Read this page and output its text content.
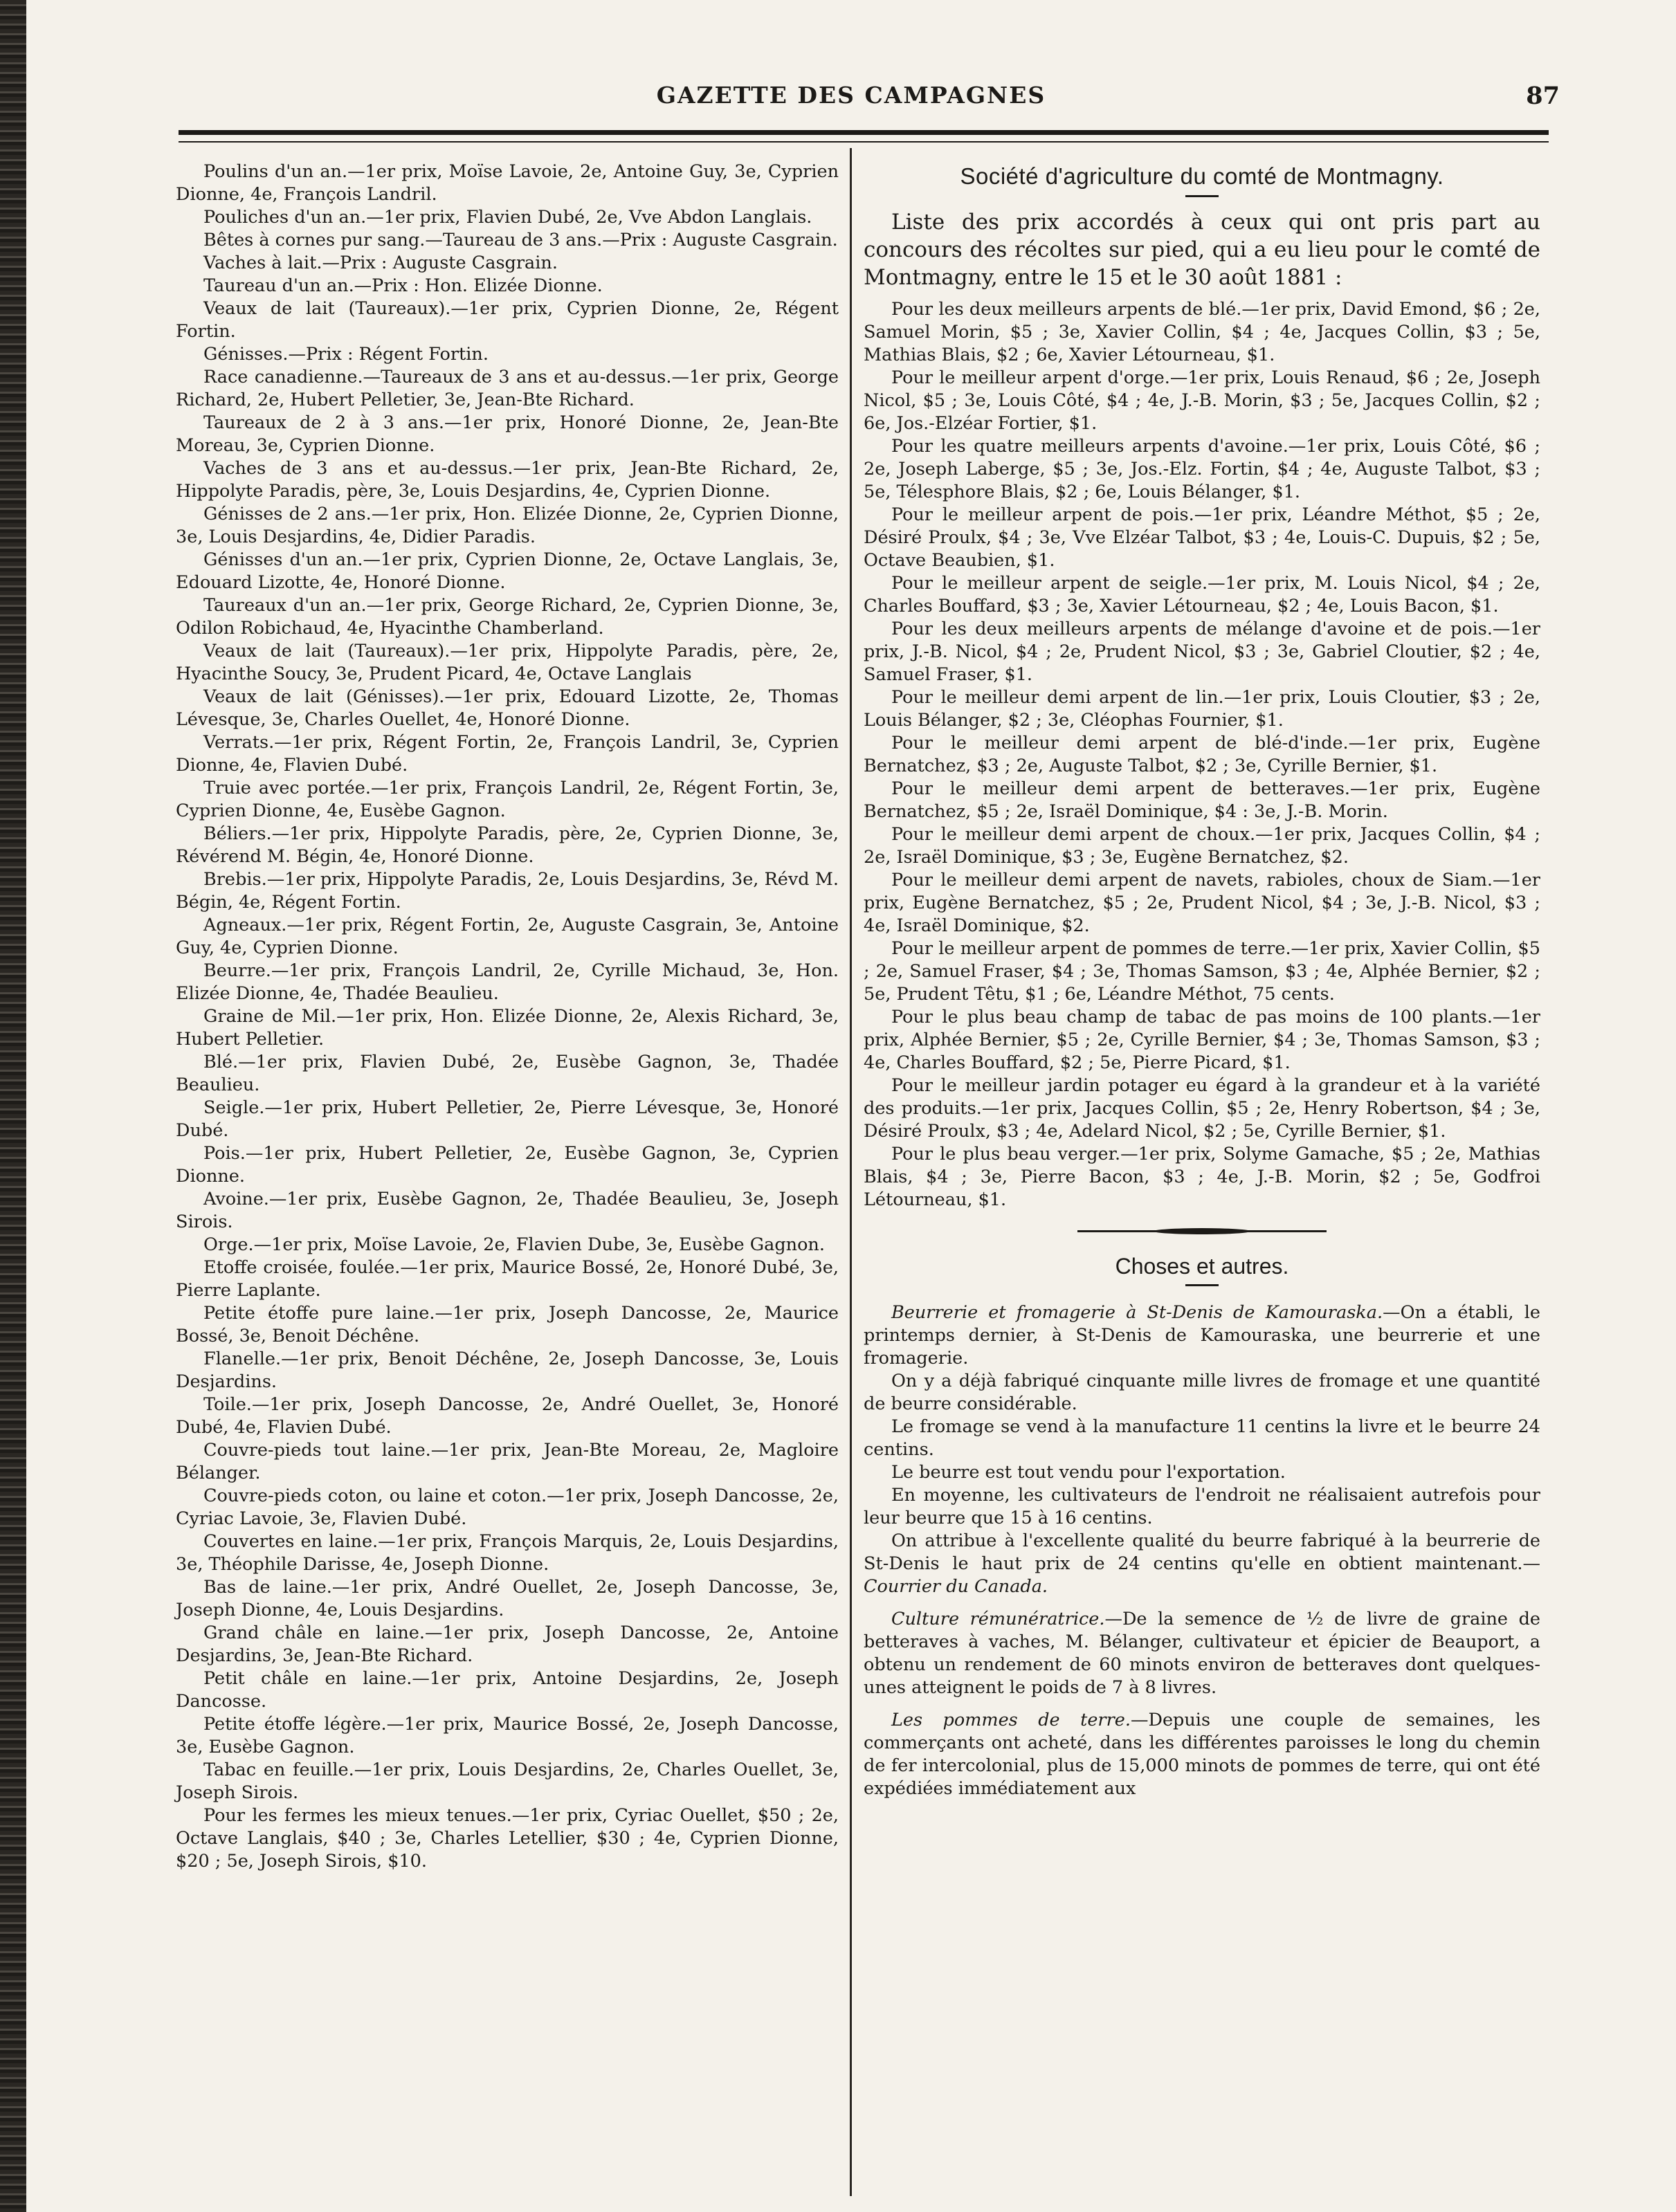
GAZETTE DES CAMPAGNES	87

Poulins d'un an.—1er prix, Moïse Lavoie, 2e, Antoine Guy, 3e, Cyprien Dionne, 4e, François Landril.

Pouliches d'un an.—1er prix, Flavien Dubé, 2e, Vve Abdon Langlais.

Bêtes à cornes pur sang.—Taureau de 3 ans.—Prix : Auguste Casgrain.

Vaches à lait.—Prix : Auguste Casgrain.

Taureau d'un an.—Prix : Hon. Elizée Dionne.

Veaux de lait (Taureaux).—1er prix, Cyprien Dionne, 2e, Régent Fortin.

Génisses.—Prix : Régent Fortin.

Race canadienne.—Taureaux de 3 ans et au-dessus.—1er prix, George Richard, 2e, Hubert Pelletier, 3e, Jean-Bte Richard.

Taureaux de 2 à 3 ans.—1er prix, Honoré Dionne, 2e, Jean-Bte Moreau, 3e, Cyprien Dionne.

Vaches de 3 ans et au-dessus.—1er prix, Jean-Bte Richard, 2e, Hippolyte Paradis, père, 3e, Louis Desjardins, 4e, Cyprien Dionne.

Génisses de 2 ans.—1er prix, Hon. Elizée Dionne, 2e, Cyprien Dionne, 3e, Louis Desjardins, 4e, Didier Paradis.

Génisses d'un an.—1er prix, Cyprien Dionne, 2e, Octave Langlais, 3e, Edouard Lizotte, 4e, Honoré Dionne.

Taureaux d'un an.—1er prix, George Richard, 2e, Cyprien Dionne, 3e, Odilon Robichaud, 4e, Hyacinthe Chamberland.

Veaux de lait (Taureaux).—1er prix, Hippolyte Paradis, père, 2e, Hyacinthe Soucy, 3e, Prudent Picard, 4e, Octave Langlais

Veaux de lait (Génisses).—1er prix, Edouard Lizotte, 2e, Thomas Lévesque, 3e, Charles Ouellet, 4e, Honoré Dionne.

Verrats.—1er prix, Régent Fortin, 2e, François Landril, 3e, Cyprien Dionne, 4e, Flavien Dubé.

Truie avec portée.—1er prix, François Landril, 2e, Régent Fortin, 3e, Cyprien Dionne, 4e, Eusèbe Gagnon.

Béliers.—1er prix, Hippolyte Paradis, père, 2e, Cyprien Dionne, 3e, Révérend M. Bégin, 4e, Honoré Dionne.

Brebis.—1er prix, Hippolyte Paradis, 2e, Louis Desjardins, 3e, Révd M. Bégin, 4e, Régent Fortin.

Agneaux.—1er prix, Régent Fortin, 2e, Auguste Casgrain, 3e, Antoine Guy, 4e, Cyprien Dionne.

Beurre.—1er prix, François Landril, 2e, Cyrille Michaud, 3e, Hon. Elizée Dionne, 4e, Thadée Beaulieu.

Graine de Mil.—1er prix, Hon. Elizée Dionne, 2e, Alexis Richard, 3e, Hubert Pelletier.

Blé.—1er prix, Flavien Dubé, 2e, Eusèbe Gagnon, 3e, Thadée Beaulieu.

Seigle.—1er prix, Hubert Pelletier, 2e, Pierre Lévesque, 3e, Honoré Dubé.

Pois.—1er prix, Hubert Pelletier, 2e, Eusèbe Gagnon, 3e, Cyprien Dionne.

Avoine.—1er prix, Eusèbe Gagnon, 2e, Thadée Beaulieu, 3e, Joseph Sirois.

Orge.—1er prix, Moïse Lavoie, 2e, Flavien Dube, 3e, Eusèbe Gagnon.

Etoffe croisée, foulée.—1er prix, Maurice Bossé, 2e, Honoré Dubé, 3e, Pierre Laplante.

Petite étoffe pure laine.—1er prix, Joseph Dancosse, 2e, Maurice Bossé, 3e, Benoit Déchêne.

Flanelle.—1er prix, Benoit Déchêne, 2e, Joseph Dancosse, 3e, Louis Desjardins.

Toile.—1er prix, Joseph Dancosse, 2e, André Ouellet, 3e, Honoré Dubé, 4e, Flavien Dubé.

Couvre-pieds tout laine.—1er prix, Jean-Bte Moreau, 2e, Magloire Bélanger.

Couvre-pieds coton, ou laine et coton.—1er prix, Joseph Dancosse, 2e, Cyriac Lavoie, 3e, Flavien Dubé.

Couvertes en laine.—1er prix, François Marquis, 2e, Louis Desjardins, 3e, Théophile Darisse, 4e, Joseph Dionne.

Bas de laine.—1er prix, André Ouellet, 2e, Joseph Dancosse, 3e, Joseph Dionne, 4e, Louis Desjardins.

Grand châle en laine.—1er prix, Joseph Dancosse, 2e, Antoine Desjardins, 3e, Jean-Bte Richard.

Petit châle en laine.—1er prix, Antoine Desjardins, 2e, Joseph Dancosse.

Petite étoffe légère.—1er prix, Maurice Bossé, 2e, Joseph Dancosse, 3e, Eusèbe Gagnon.

Tabac en feuille.—1er prix, Louis Desjardins, 2e, Charles Ouellet, 3e, Joseph Sirois.

Pour les fermes les mieux tenues.—1er prix, Cyriac Ouellet, $50 ; 2e, Octave Langlais, $40 ; 3e, Charles Letellier, $30 ; 4e, Cyprien Dionne, $20 ; 5e, Joseph Sirois, $10.

Société d'agriculture du comté de Montmagny.

Liste des prix accordés à ceux qui ont pris part au concours des récoltes sur pied, qui a eu lieu pour le comté de Montmagny, entre le 15 et le 30 août 1881 :

Pour les deux meilleurs arpents de blé.—1er prix, David Emond, $6 ; 2e, Samuel Morin, $5 ; 3e, Xavier Collin, $4 ; 4e, Jacques Collin, $3 ; 5e, Mathias Blais, $2 ; 6e, Xavier Létourneau, $1.

Pour le meilleur arpent d'orge.—1er prix, Louis Renaud, $6 ; 2e, Joseph Nicol, $5 ; 3e, Louis Côté, $4 ; 4e, J.-B. Morin, $3 ; 5e, Jacques Collin, $2 ; 6e, Jos.-Elzéar Fortier, $1.

Pour les quatre meilleurs arpents d'avoine.—1er prix, Louis Côté, $6 ; 2e, Joseph Laberge, $5 ; 3e, Jos.-Elz. Fortin, $4 ; 4e, Auguste Talbot, $3 ; 5e, Télesphore Blais, $2 ; 6e, Louis Bélanger, $1.

Pour le meilleur arpent de pois.—1er prix, Léandre Méthot, $5 ; 2e, Désiré Proulx, $4 ; 3e, Vve Elzéar Talbot, $3 ; 4e, Louis-C. Dupuis, $2 ; 5e, Octave Beaubien, $1.

Pour le meilleur arpent de seigle.—1er prix, M. Louis Nicol, $4 ; 2e, Charles Bouffard, $3 ; 3e, Xavier Létourneau, $2 ; 4e, Louis Bacon, $1.

Pour les deux meilleurs arpents de mélange d'avoine et de pois.—1er prix, J.-B. Nicol, $4 ; 2e, Prudent Nicol, $3 ; 3e, Gabriel Cloutier, $2 ; 4e, Samuel Fraser, $1.

Pour le meilleur demi arpent de lin.—1er prix, Louis Cloutier, $3 ; 2e, Louis Bélanger, $2 ; 3e, Cléophas Fournier, $1.

Pour le meilleur demi arpent de blé-d'inde.—1er prix, Eugène Bernatchez, $3 ; 2e, Auguste Talbot, $2 ; 3e, Cyrille Bernier, $1.

Pour le meilleur demi arpent de betteraves.—1er prix, Eugène Bernatchez, $5 ; 2e, Israël Dominique, $4 : 3e, J.-B. Morin.

Pour le meilleur demi arpent de choux.—1er prix, Jacques Collin, $4 ; 2e, Israël Dominique, $3 ; 3e, Eugène Bernatchez, $2.

Pour le meilleur demi arpent de navets, rabioles, choux de Siam.—1er prix, Eugène Bernatchez, $5 ; 2e, Prudent Nicol, $4 ; 3e, J.-B. Nicol, $3 ; 4e, Israël Dominique, $2.

Pour le meilleur arpent de pommes de terre.—1er prix, Xavier Collin, $5 ; 2e, Samuel Fraser, $4 ; 3e, Thomas Samson, $3 ; 4e, Alphée Bernier, $2 ; 5e, Prudent Têtu, $1 ; 6e, Léandre Méthot, 75 cents.

Pour le plus beau champ de tabac de pas moins de 100 plants.—1er prix, Alphée Bernier, $5 ; 2e, Cyrille Bernier, $4 ; 3e, Thomas Samson, $3 ; 4e, Charles Bouffard, $2 ; 5e, Pierre Picard, $1.

Pour le meilleur jardin potager eu égard à la grandeur et à la variété des produits.—1er prix, Jacques Collin, $5 ; 2e, Henry Robertson, $4 ; 3e, Désiré Proulx, $3 ; 4e, Adelard Nicol, $2 ; 5e, Cyrille Bernier, $1.

Pour le plus beau verger.—1er prix, Solyme Gamache, $5 ; 2e, Mathias Blais, $4 ; 3e, Pierre Bacon, $3 ; 4e, J.-B. Morin, $2 ; 5e, Godfroi Létourneau, $1.

Choses et autres.

Beurrerie et fromagerie à St-Denis de Kamouraska.—On a établi, le printemps dernier, à St-Denis de Kamouraska, une beurrerie et une fromagerie.

On y a déjà fabriqué cinquante mille livres de fromage et une quantité de beurre considérable.

Le fromage se vend à la manufacture 11 centins la livre et le beurre 24 centins.

Le beurre est tout vendu pour l'exportation.

En moyenne, les cultivateurs de l'endroit ne réalisaient autrefois pour leur beurre que 15 à 16 centins.

On attribue à l'excellente qualité du beurre fabriqué à la beurrerie de St-Denis le haut prix de 24 centins qu'elle en obtient maintenant.—Courrier du Canada.

Culture rémunératrice.—De la semence de ½ de livre de graine de betteraves à vaches, M. Bélanger, cultivateur et épicier de Beauport, a obtenu un rendement de 60 minots environ de betteraves dont quelques-unes atteignent le poids de 7 à 8 livres.

Les pommes de terre.—Depuis une couple de semaines, les commerçants ont acheté, dans les différentes paroisses le long du chemin de fer intercolonial, plus de 15,000 minots de pommes de terre, qui ont été expédiées immédiatement aux
